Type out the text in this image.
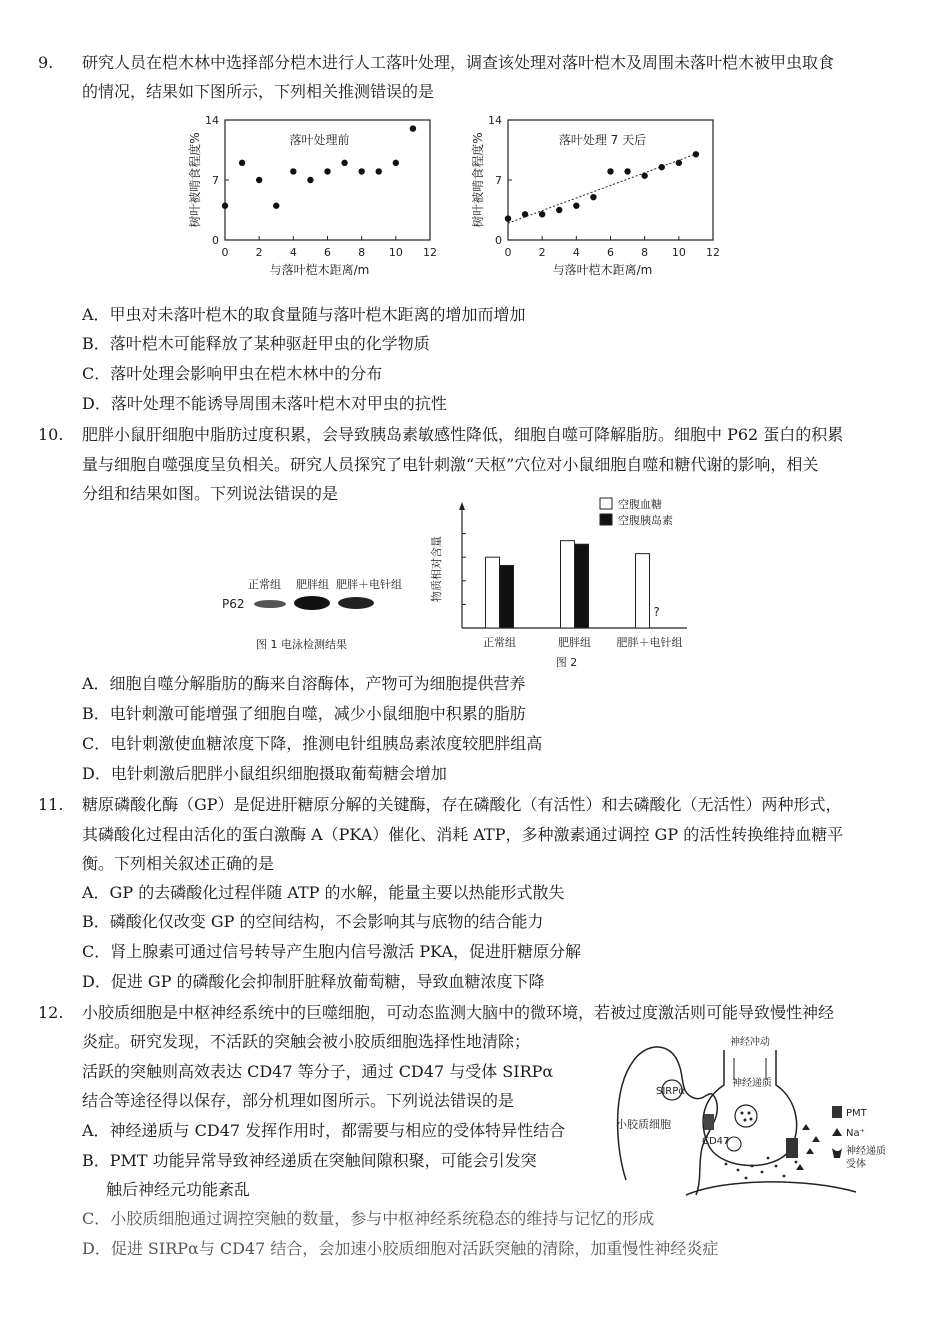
9. 研究人员在桤木林中选择部分桤木进行人工落叶处理，调查该处理对落叶桤木及周围未落叶桤木被甲虫取食
的情况，结果如下图所示，下列相关推测错误的是
0 2 4 6 8 10 12
0
7
14
与落叶桤木距离/m
树叶被啃食程度%	落叶处理前
0 2 4 6 8 10 12
0
7
14
与落叶桤木距离/m
树叶被啃食程度%	落叶处理 7 天后
A．甲虫对未落叶桤木的取食量随与落叶桤木距离的增加而增加
B．落叶桤木可能释放了某种驱赶甲虫的化学物质
C．落叶处理会影响甲虫在桤木林中的分布
D．落叶处理不能诱导周围未落叶桤木对甲虫的抗性
10. 肥胖小鼠肝细胞中脂肪过度积累，会导致胰岛素敏感性降低，细胞自噬可降解脂肪。细胞中 P62 蛋白的积累
量与细胞自噬强度呈负相关。研究人员探究了电针刺激“天枢”穴位对小鼠细胞自噬和糖代谢的影响，相关
分组和结果如图。下列说法错误的是
正常组 肥胖组 肥胖＋电针组
P62
图 1 电泳检测结果
物质相对含量
正常组	肥胖组
?
肥胖＋电针组
空腹血糖
空腹胰岛素
图 2
A．细胞自噬分解脂肪的酶来自溶酶体，产物可为细胞提供营养
B．电针刺激可能增强了细胞自噬，减少小鼠细胞中积累的脂肪
C．电针刺激使血糖浓度下降，推测电针组胰岛素浓度较肥胖组高
D．电针刺激后肥胖小鼠组织细胞摄取葡萄糖会增加
11. 糖原磷酸化酶（GP）是促进肝糖原分解的关键酶，存在磷酸化（有活性）和去磷酸化（无活性）两种形式，
其磷酸化过程由活化的蛋白激酶 A（PKA）催化、消耗 ATP，多种激素通过调控 GP 的活性转换维持血糖平
衡。下列相关叙述正确的是
A．GP 的去磷酸化过程伴随 ATP 的水解，能量主要以热能形式散失
B．磷酸化仅改变 GP 的空间结构，不会影响其与底物的结合能力
C．肾上腺素可通过信号转导产生胞内信号激活 PKA，促进肝糖原分解
D．促进 GP 的磷酸化会抑制肝脏释放葡萄糖，导致血糖浓度下降
12. 小胶质细胞是中枢神经系统中的巨噬细胞，可动态监测大脑中的微环境，若被过度激活则可能导致慢性神经
炎症。研究发现，不活跃的突触会被小胶质细胞选择性地清除；
活跃的突触则高效表达 CD47 等分子，通过 CD47 与受体 SIRPα
结合等途径得以保存，部分机理如图所示。下列说法错误的是
A．神经递质与 CD47 发挥作用时，都需要与相应的受体特异性结合
B．PMT 功能异常导致神经递质在突触间隙积聚，可能会引发突
触后神经元功能紊乱
C．小胶质细胞通过调控突触的数量，参与中枢神经系统稳态的维持与记忆的形成
D．促进 SIRPα与 CD47 结合，会加速小胶质细胞对活跃突触的清除，加重慢性神经炎症
SIRPα
小胶质细胞
神经冲动
神经递质
CD47
PMT
Na⁺
神经递质
受体
